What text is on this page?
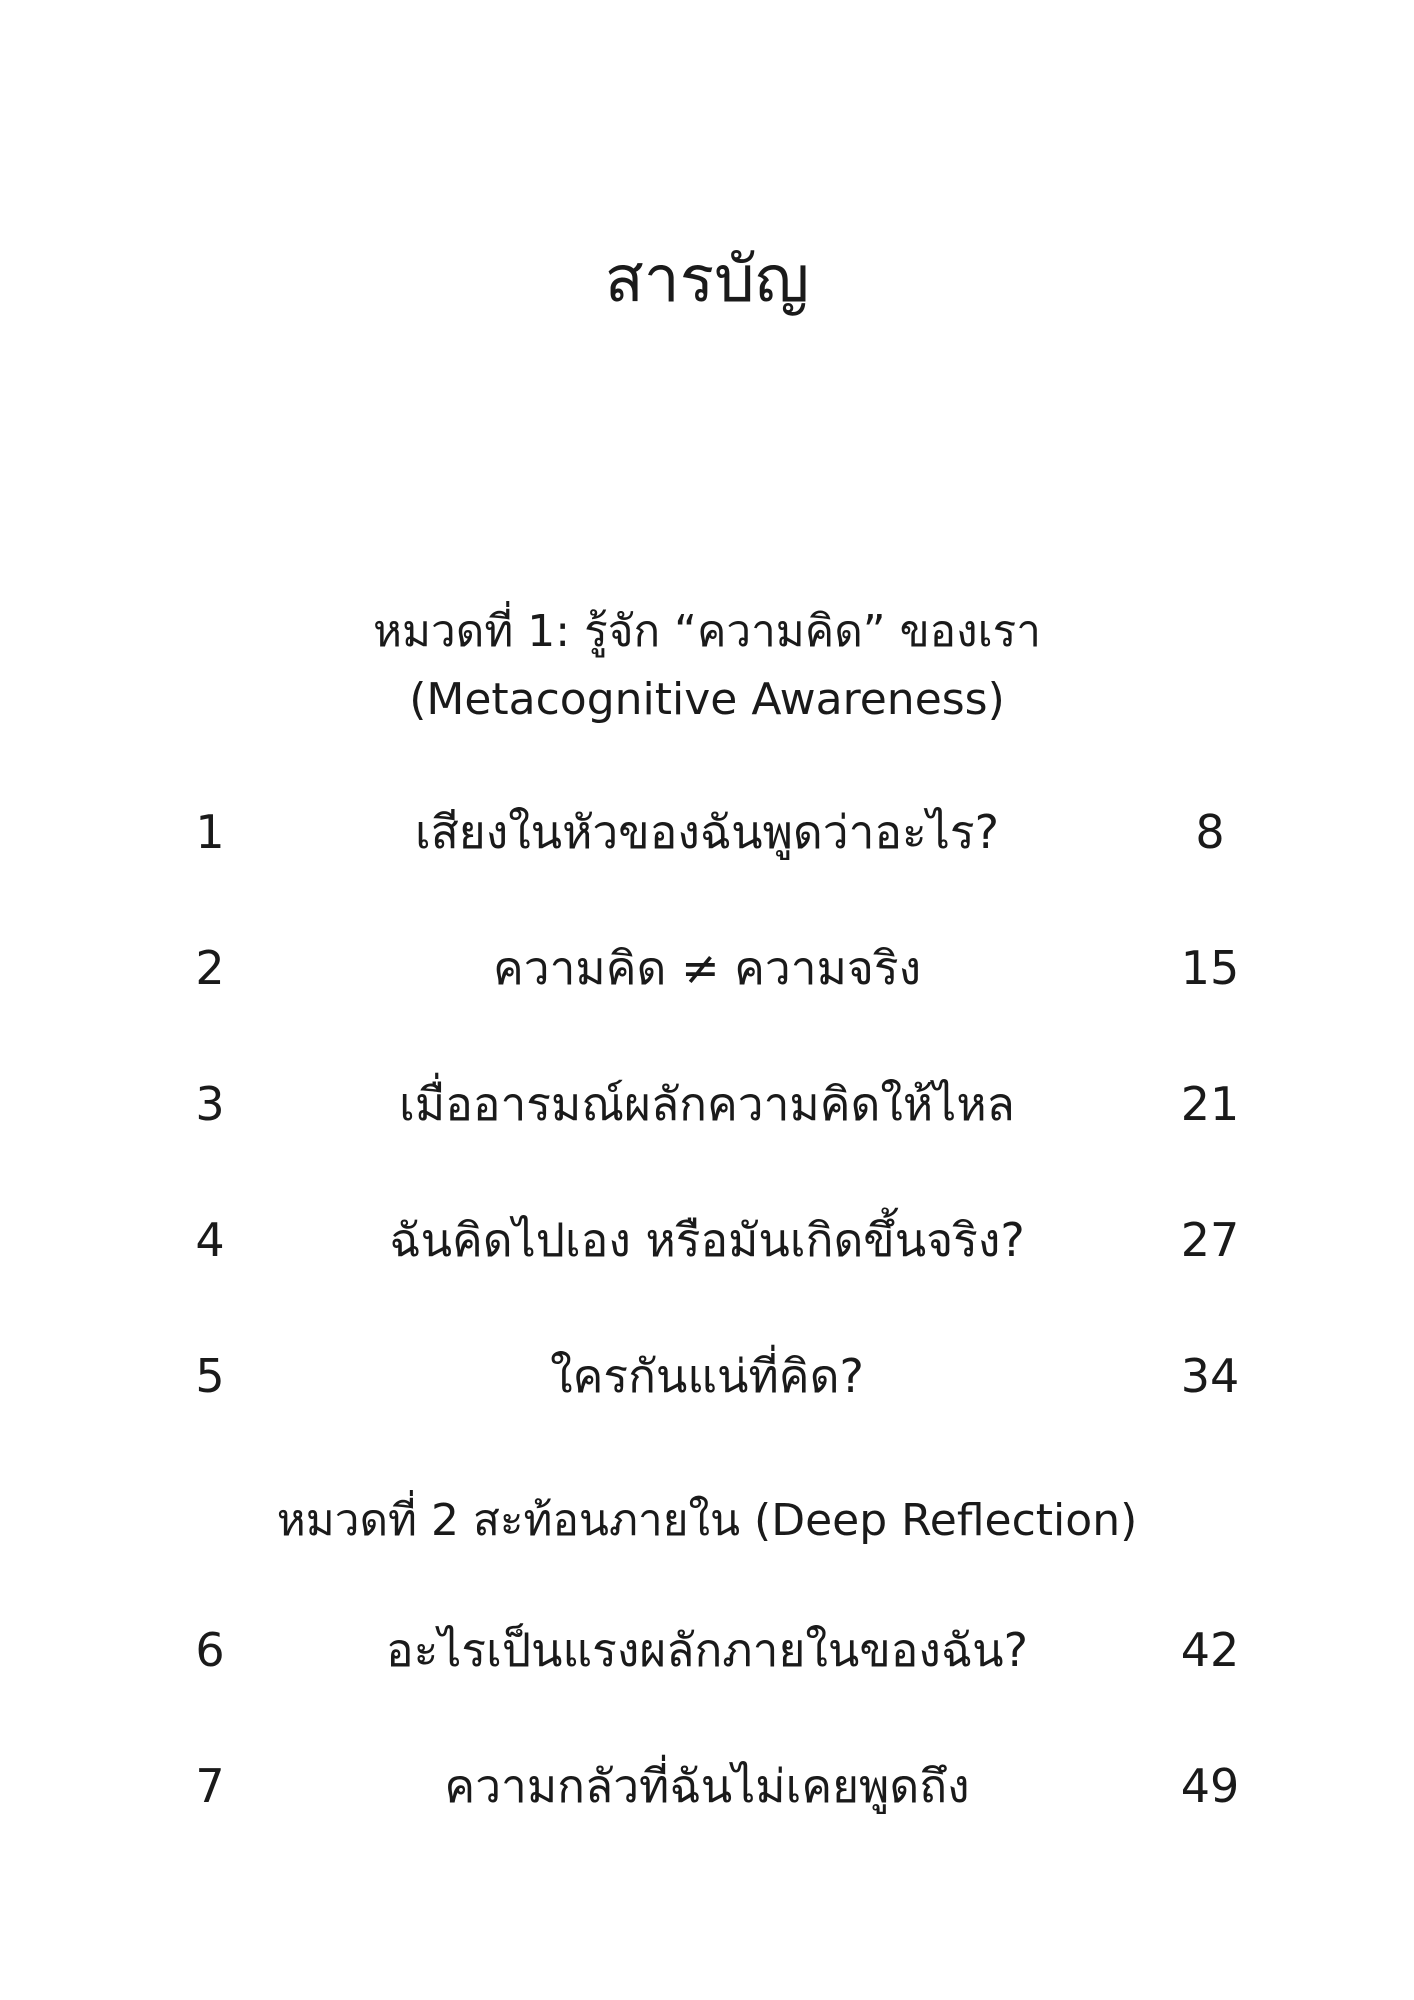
สารบัญ
หมวดที่ 1: รู้จัก “ความคิด” ของเรา
(Metacognitive Awareness)
1	เสียงในหัวของฉันพูดว่าอะไร?	8
2	ความคิด ≠ ความจริง	15
3	เมื่ออารมณ์ผลักความคิดให้ไหล	21
4	ฉันคิดไปเอง หรือมันเกิดขึ้นจริง?	27
5	ใครกันแน่ที่คิด?	34
หมวดที่ 2 สะท้อนภายใน (Deep Reflection)
6	อะไรเป็นแรงผลักภายในของฉัน?	42
7	ความกลัวที่ฉันไม่เคยพูดถึง	49
